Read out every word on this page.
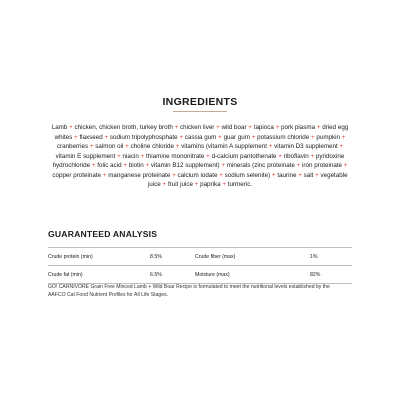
INGREDIENTS

Lamb + chicken, chicken broth, turkey broth + chicken liver + wild boar + tapioca + pork plasma + dried egg whites + flaxseed + sodium tripolyphosphate + cassia gum + guar gum + potassium chloride + pumpkin + cranberries + salmon oil + choline chloride + vitamins (vitamin A supplement + vitamin D3 supplement + vitamin E supplement + niacin + thiamine mononitrate + d-calcium pantothenate + riboflavin + pyridoxine hydrochloride + folic acid + biotin + vitamin B12 supplement) + minerals (zinc proteinate + iron proteinate + copper proteinate + manganese proteinate + calcium iodate + sodium selenite) + taurine + salt + vegetable juice + fruit juice + paprika + turmeric.

GUARANTEED ANALYSIS
Crude protein (min)	8.5%	Crude fiber (max)	1%
Crude fat (min)	6.5%	Moisture (max)	82%

GO! CARNIVORE Grain Free Minced Lamb + Wild Boar Recipe is formulated to meet the nutritional levels established by the AAFCO Cat Food Nutrient Profiles for All Life Stages.
